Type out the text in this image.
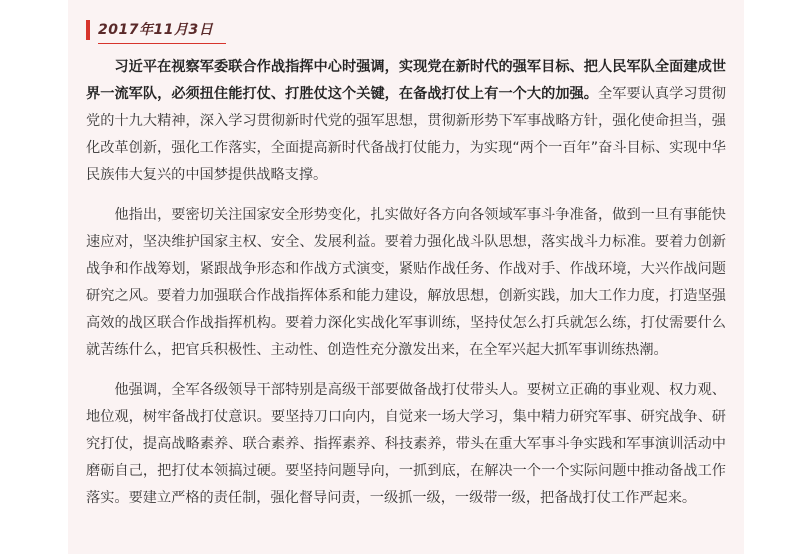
2017年11月3日

习近平在视察军委联合作战指挥中心时强调，实现党在新时代的强军目标、把人民军队全面建成世界一流军队，必须扭住能打仗、打胜仗这个关键，在备战打仗上有一个大的加强。全军要认真学习贯彻党的十九大精神，深入学习贯彻新时代党的强军思想，贯彻新形势下军事战略方针，强化使命担当，强化改革创新，强化工作落实，全面提高新时代备战打仗能力，为实现“两个一百年”奋斗目标、实现中华民族伟大复兴的中国梦提供战略支撑。

他指出，要密切关注国家安全形势变化，扎实做好各方向各领域军事斗争准备，做到一旦有事能快速应对，坚决维护国家主权、安全、发展利益。要着力强化战斗队思想，落实战斗力标准。要着力创新战争和作战筹划，紧跟战争形态和作战方式演变，紧贴作战任务、作战对手、作战环境，大兴作战问题研究之风。要着力加强联合作战指挥体系和能力建设，解放思想，创新实践，加大工作力度，打造坚强高效的战区联合作战指挥机构。要着力深化实战化军事训练，坚持仗怎么打兵就怎么练，打仗需要什么就苦练什么，把官兵积极性、主动性、创造性充分激发出来，在全军兴起大抓军事训练热潮。

他强调，全军各级领导干部特别是高级干部要做备战打仗带头人。要树立正确的事业观、权力观、地位观，树牢备战打仗意识。要坚持刀口向内，自觉来一场大学习，集中精力研究军事、研究战争、研究打仗，提高战略素养、联合素养、指挥素养、科技素养，带头在重大军事斗争实践和军事演训活动中磨砺自己，把打仗本领搞过硬。要坚持问题导向，一抓到底，在解决一个一个实际问题中推动备战工作落实。要建立严格的责任制，强化督导问责，一级抓一级，一级带一级，把备战打仗工作严起来。
